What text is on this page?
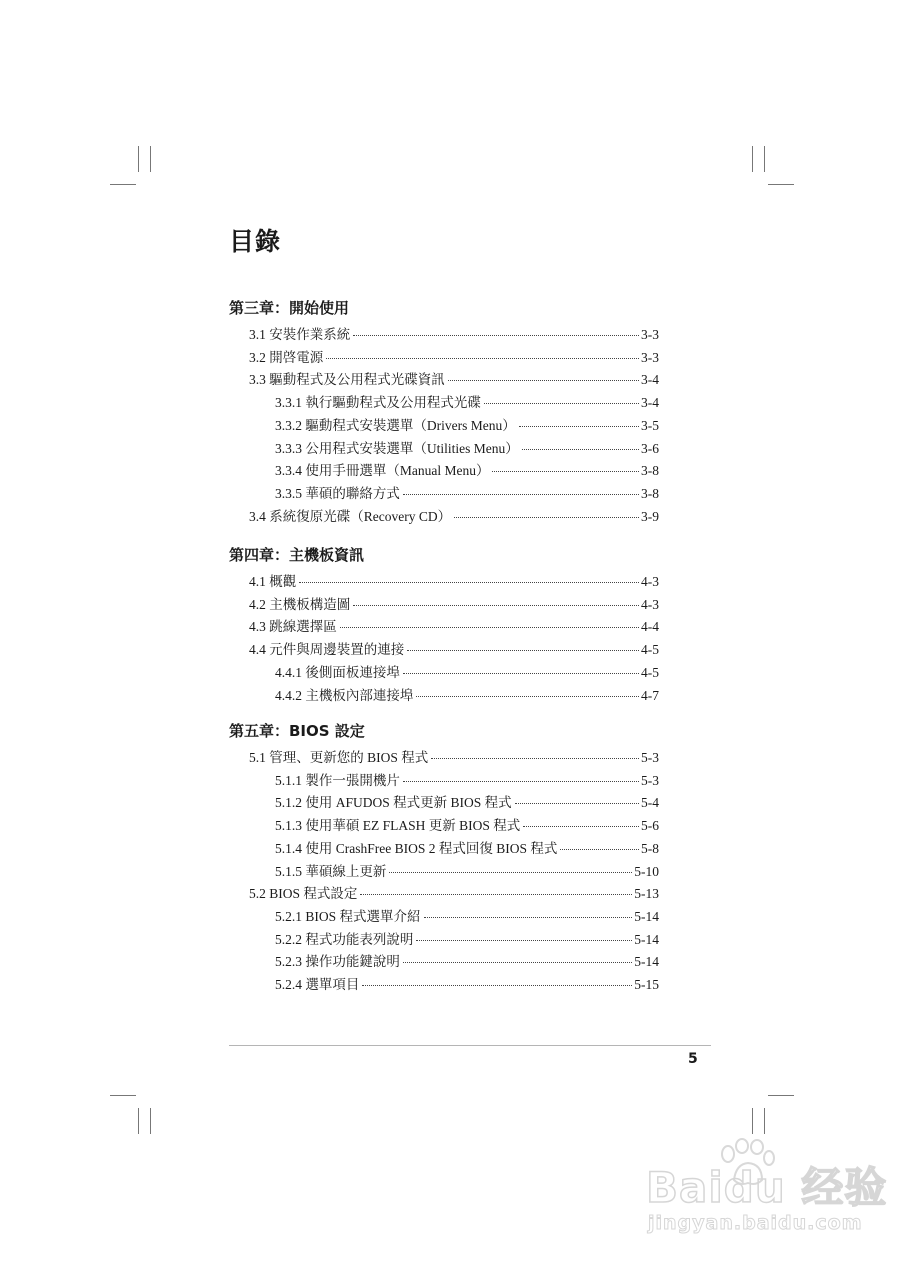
目錄
第三章：開始使用
3.1 安裝作業系統	3-3
3.2 開啓電源	3-3
3.3 驅動程式及公用程式光碟資訊	3-4
3.3.1 執行驅動程式及公用程式光碟	3-4
3.3.2 驅動程式安裝選單（Drivers Menu）	3-5
3.3.3 公用程式安裝選單（Utilities Menu）	3-6
3.3.4 使用手冊選單（Manual Menu）	3-8
3.3.5 華碩的聯絡方式	3-8
3.4 系統復原光碟（Recovery CD）	3-9
第四章：主機板資訊
4.1 概觀	4-3
4.2 主機板構造圖	4-3
4.3 跳線選擇區	4-4
4.4 元件與周邊裝置的連接	4-5
4.4.1 後側面板連接埠	4-5
4.4.2 主機板內部連接埠	4-7
第五章：BIOS 設定
5.1 管理、更新您的 BIOS 程式	5-3
5.1.1 製作一張開機片	5-3
5.1.2 使用 AFUDOS 程式更新 BIOS 程式	5-4
5.1.3 使用華碩 EZ FLASH 更新 BIOS 程式	5-6
5.1.4 使用 CrashFree BIOS 2 程式回復 BIOS 程式	5-8
5.1.5 華碩線上更新	5-10
5.2 BIOS 程式設定	5-13
5.2.1 BIOS 程式選單介紹	5-14
5.2.2 程式功能表列說明	5-14
5.2.3 操作功能鍵說明	5-14
5.2.4 選單項目	5-15
5
Baidu 经验
jingyan.baidu.com
